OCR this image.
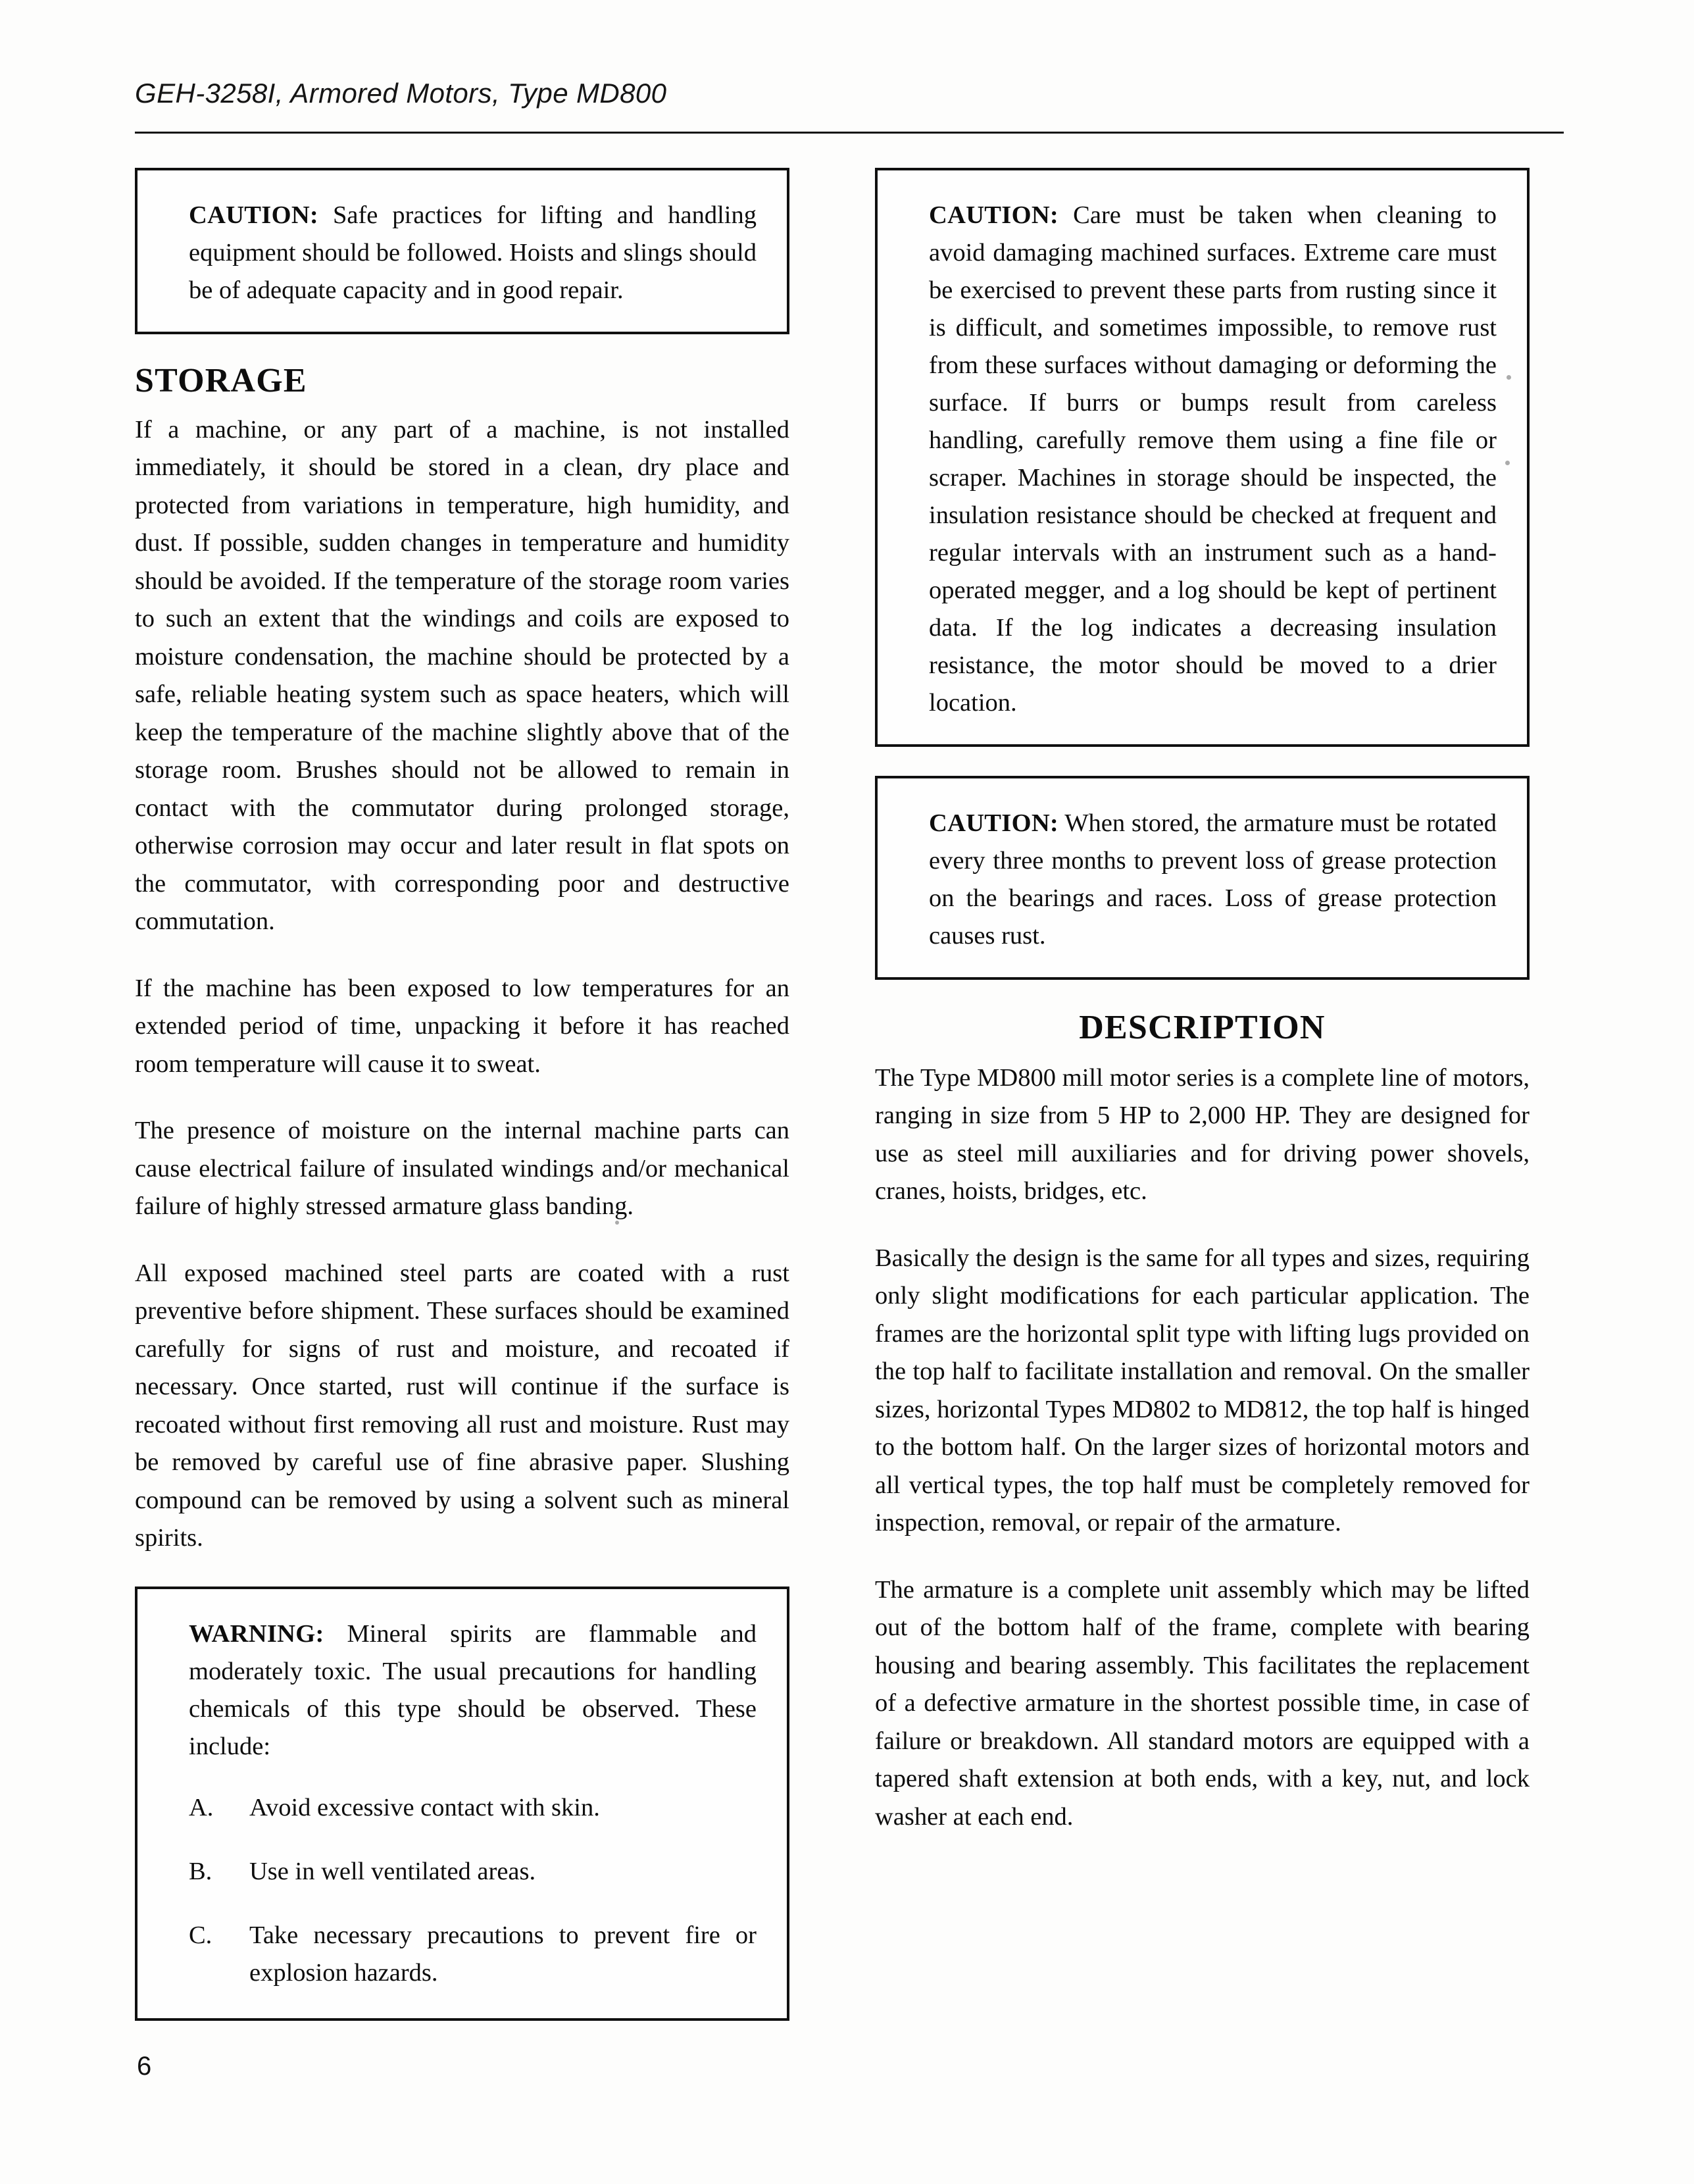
GEH-3258I, Armored Motors, Type MD800

CAUTION: Safe practices for lifting and handling equipment should be followed. Hoists and slings should be of adequate capacity and in good repair.

STORAGE

If a machine, or any part of a machine, is not installed immediately, it should be stored in a clean, dry place and protected from variations in temperature, high humidity, and dust. If possible, sudden changes in temperature and humidity should be avoided. If the temperature of the storage room varies to such an extent that the windings and coils are exposed to moisture condensation, the machine should be protected by a safe, reliable heating system such as space heaters, which will keep the temperature of the machine slightly above that of the storage room. Brushes should not be allowed to remain in contact with the commutator during prolonged storage, otherwise corrosion may occur and later result in flat spots on the commutator, with corresponding poor and destructive commutation.

If the machine has been exposed to low temperatures for an extended period of time, unpacking it before it has reached room temperature will cause it to sweat.

The presence of moisture on the internal machine parts can cause electrical failure of insulated windings and/or mechanical failure of highly stressed armature glass banding.

All exposed machined steel parts are coated with a rust preventive before shipment. These surfaces should be examined carefully for signs of rust and moisture, and recoated if necessary. Once started, rust will continue if the surface is recoated without first removing all rust and moisture. Rust may be removed by careful use of fine abrasive paper. Slushing compound can be removed by using a solvent such as mineral spirits.

WARNING: Mineral spirits are flammable and moderately toxic. The usual precautions for handling chemicals of this type should be observed. These include:

A.	Avoid excessive contact with skin.
B.	Use in well ventilated areas.
C.	Take necessary precautions to prevent fire or explosion hazards.

CAUTION: Care must be taken when cleaning to avoid damaging machined surfaces. Extreme care must be exercised to prevent these parts from rusting since it is difficult, and sometimes impossible, to remove rust from these surfaces without damaging or deforming the surface. If burrs or bumps result from careless handling, carefully remove them using a fine file or scraper. Machines in storage should be inspected, the insulation resistance should be checked at frequent and regular intervals with an instrument such as a hand-operated megger, and a log should be kept of pertinent data. If the log indicates a decreasing insulation resistance, the motor should be moved to a drier location.

CAUTION: When stored, the armature must be rotated every three months to prevent loss of grease protection on the bearings and races. Loss of grease protection causes rust.

DESCRIPTION

The Type MD800 mill motor series is a complete line of motors, ranging in size from 5 HP to 2,000 HP. They are designed for use as steel mill auxiliaries and for driving power shovels, cranes, hoists, bridges, etc.

Basically the design is the same for all types and sizes, requiring only slight modifications for each particular application. The frames are the horizontal split type with lifting lugs provided on the top half to facilitate installation and removal. On the smaller sizes, horizontal Types MD802 to MD812, the top half is hinged to the bottom half. On the larger sizes of horizontal motors and all vertical types, the top half must be completely removed for inspection, removal, or repair of the armature.

The armature is a complete unit assembly which may be lifted out of the bottom half of the frame, complete with bearing housing and bearing assembly. This facilitates the replacement of a defective armature in the shortest possible time, in case of failure or breakdown. All standard motors are equipped with a tapered shaft extension at both ends, with a key, nut, and lock washer at each end.

6
